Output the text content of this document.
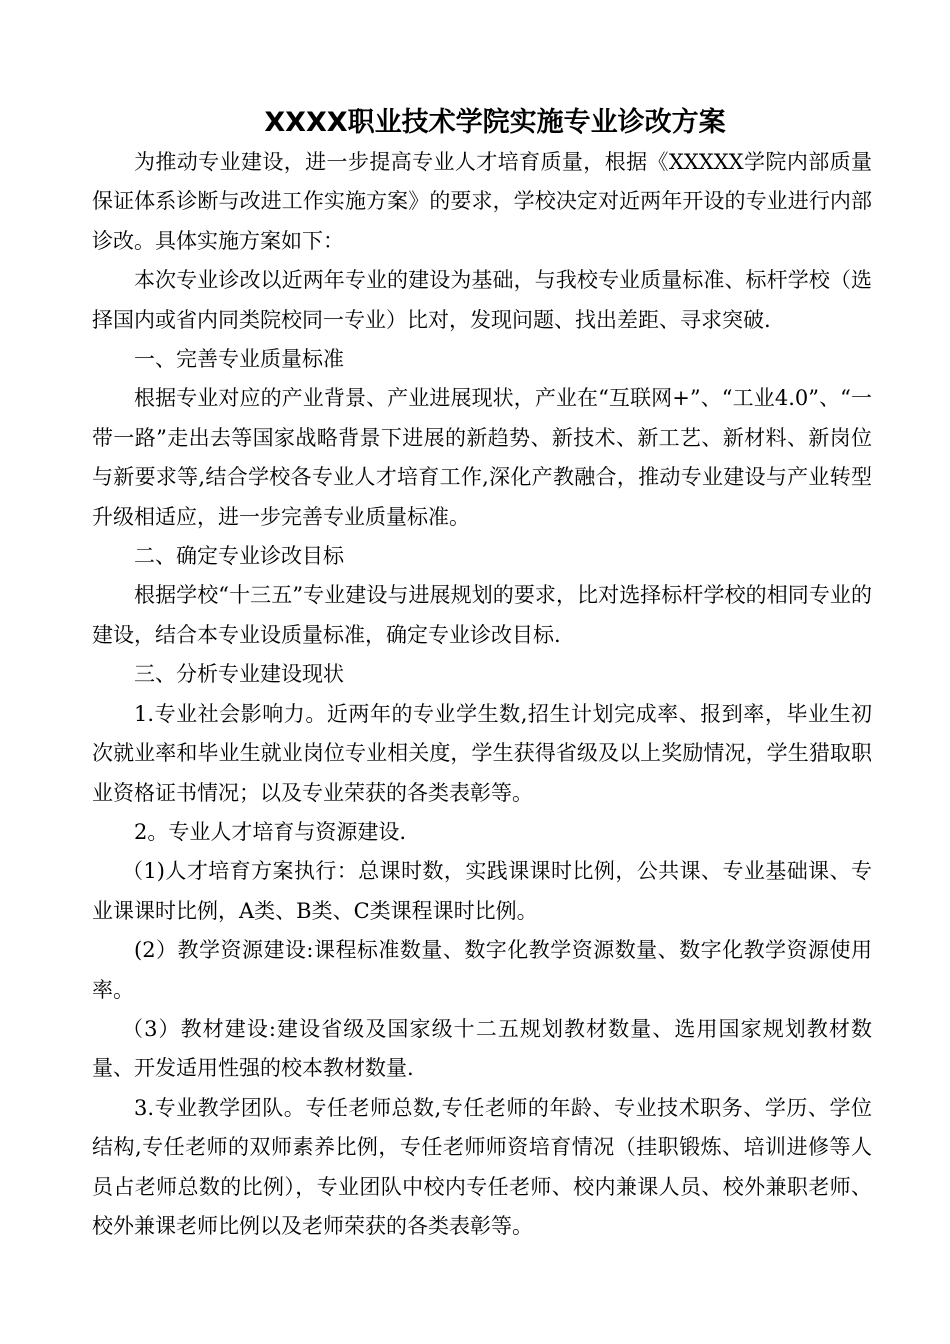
XXXX职业技术学院实施专业诊改方案

为推动专业建设，进一步提高专业人才培育质量，根据《XXXXX学院内部质量保证体系诊断与改进工作实施方案》的要求，学校决定对近两年开设的专业进行内部诊改。具体实施方案如下：

本次专业诊改以近两年专业的建设为基础，与我校专业质量标准、标杆学校（选择国内或省内同类院校同一专业）比对，发现问题、找出差距、寻求突破.

一、完善专业质量标准

根据专业对应的产业背景、产业进展现状，产业在“互联网+”、“工业4.0”、“一带一路”走出去等国家战略背景下进展的新趋势、新技术、新工艺、新材料、新岗位与新要求等,结合学校各专业人才培育工作,深化产教融合，推动专业建设与产业转型升级相适应，进一步完善专业质量标准。

二、确定专业诊改目标

根据学校“十三五”专业建设与进展规划的要求，比对选择标杆学校的相同专业的建设，结合本专业设质量标准，确定专业诊改目标.

三、分析专业建设现状

1.专业社会影响力。近两年的专业学生数,招生计划完成率、报到率，毕业生初次就业率和毕业生就业岗位专业相关度，学生获得省级及以上奖励情况，学生猎取职业资格证书情况；以及专业荣获的各类表彰等。

2。专业人才培育与资源建设.

（1)人才培育方案执行：总课时数，实践课课时比例，公共课、专业基础课、专业课课时比例，A类、B类、C类课程课时比例。

(2）教学资源建设:课程标准数量、数字化教学资源数量、数字化教学资源使用率。

（3）教材建设:建设省级及国家级十二五规划教材数量、选用国家规划教材数量、开发适用性强的校本教材数量.

3.专业教学团队。专任老师总数,专任老师的年龄、专业技术职务、学历、学位结构,专任老师的双师素养比例，专任老师师资培育情况（挂职锻炼、培训进修等人员占老师总数的比例），专业团队中校内专任老师、校内兼课人员、校外兼职老师、校外兼课老师比例以及老师荣获的各类表彰等。
